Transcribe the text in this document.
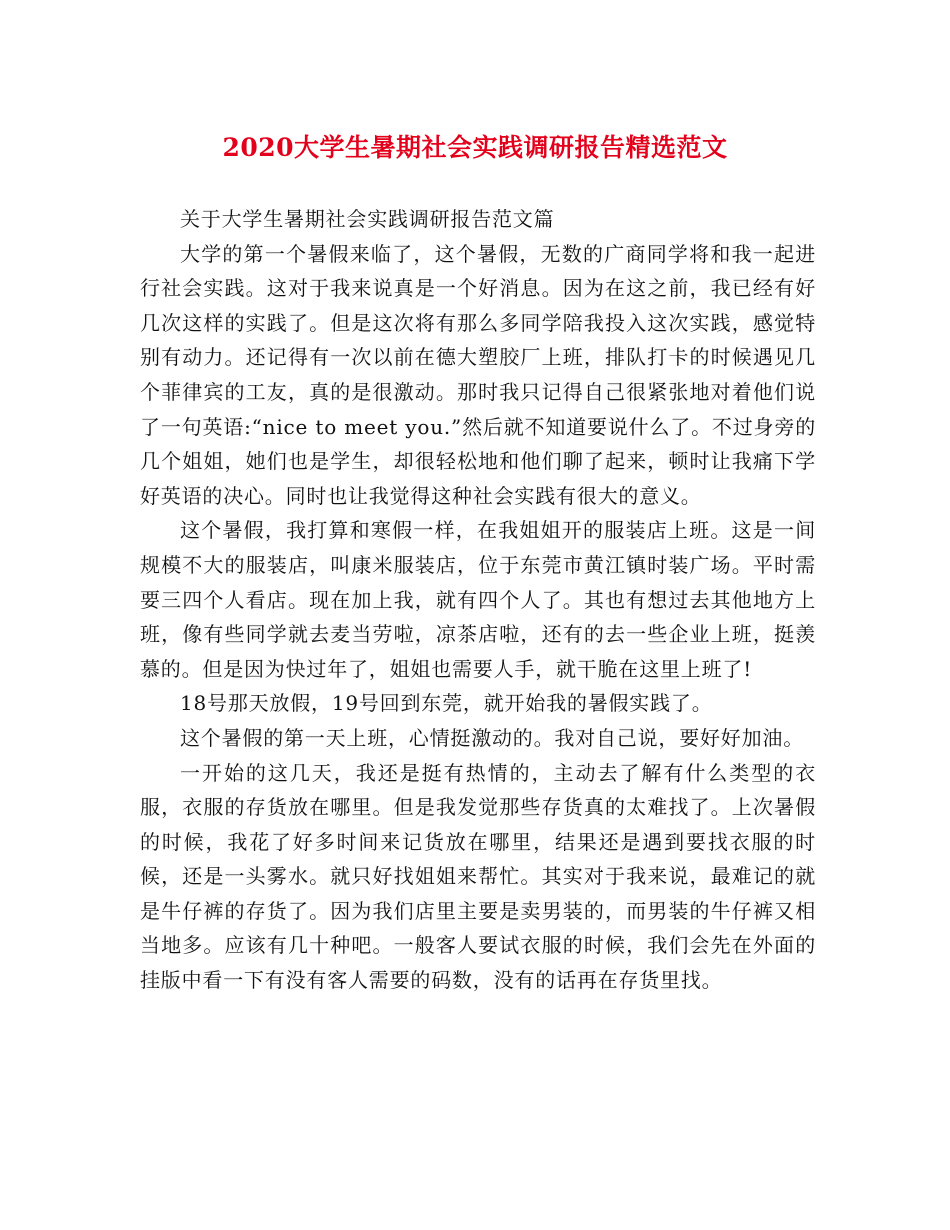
2020大学生暑期社会实践调研报告精选范文

关于大学生暑期社会实践调研报告范文篇

大学的第一个暑假来临了，这个暑假，无数的广商同学将和我一起进行社会实践。这对于我来说真是一个好消息。因为在这之前，我已经有好几次这样的实践了。但是这次将有那么多同学陪我投入这次实践，感觉特别有动力。还记得有一次以前在德大塑胶厂上班，排队打卡的时候遇见几个菲律宾的工友，真的是很激动。那时我只记得自己很紧张地对着他们说了一句英语:“nice to meet you.”然后就不知道要说什么了。不过身旁的几个姐姐，她们也是学生，却很轻松地和他们聊了起来，顿时让我痛下学好英语的决心。同时也让我觉得这种社会实践有很大的意义。

这个暑假，我打算和寒假一样，在我姐姐开的服装店上班。这是一间规模不大的服装店，叫康米服装店，位于东莞市黄江镇时装广场。平时需要三四个人看店。现在加上我，就有四个人了。其也有想过去其他地方上班，像有些同学就去麦当劳啦，凉茶店啦，还有的去一些企业上班，挺羡慕的。但是因为快过年了，姐姐也需要人手，就干脆在这里上班了!

18号那天放假，19号回到东莞，就开始我的暑假实践了。

这个暑假的第一天上班，心情挺激动的。我对自己说，要好好加油。

一开始的这几天，我还是挺有热情的，主动去了解有什么类型的衣服，衣服的存货放在哪里。但是我发觉那些存货真的太难找了。上次暑假的时候，我花了好多时间来记货放在哪里，结果还是遇到要找衣服的时候，还是一头雾水。就只好找姐姐来帮忙。其实对于我来说，最难记的就是牛仔裤的存货了。因为我们店里主要是卖男装的，而男装的牛仔裤又相当地多。应该有几十种吧。一般客人要试衣服的时候，我们会先在外面的挂版中看一下有没有客人需要的码数，没有的话再在存货里找。
